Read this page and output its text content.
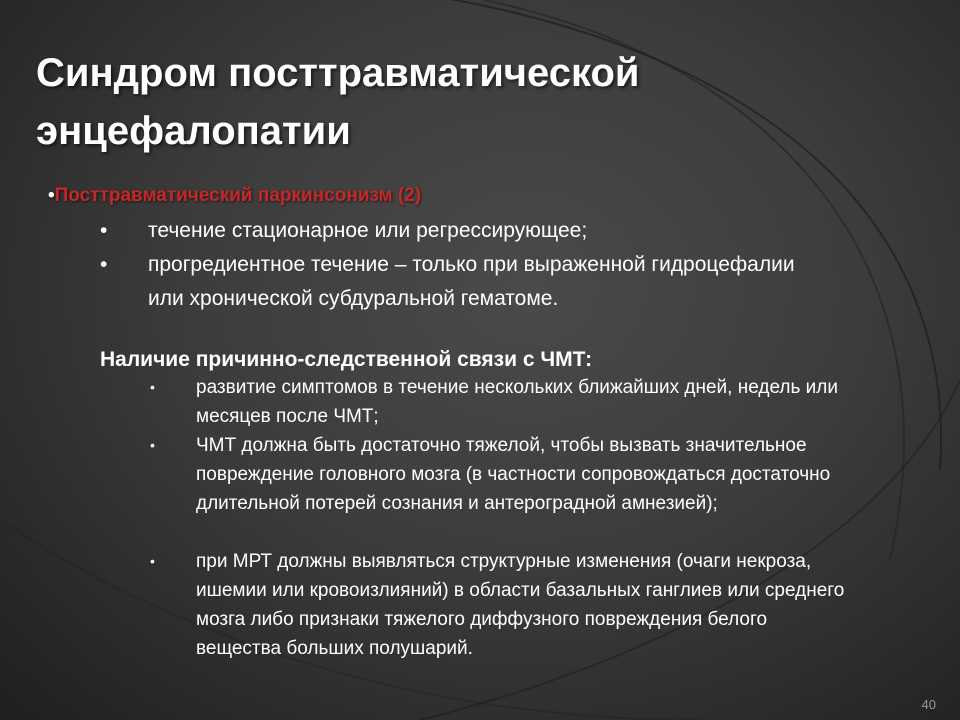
Синдром посттравматической
энцефалопатии
•Посттравматический паркинсонизм (2)
• течение стационарное или регрессирующее;
• прогредиентное течение – только при выраженной гидроцефалии или хронической субдуральной гематоме.
Наличие причинно-следственной связи с ЧМТ:
• развитие симптомов в течение нескольких ближайших дней, недель или месяцев после ЧМТ;
• ЧМТ должна быть достаточно тяжелой, чтобы вызвать значительное повреждение головного мозга (в частности сопровождаться достаточно длительной потерей сознания и антероградной амнезией);
• при МРТ должны выявляться структурные изменения (очаги некроза, ишемии или кровоизлияний) в области базальных ганглиев или среднего мозга либо признаки тяжелого диффузного повреждения белого вещества больших полушарий.
40
